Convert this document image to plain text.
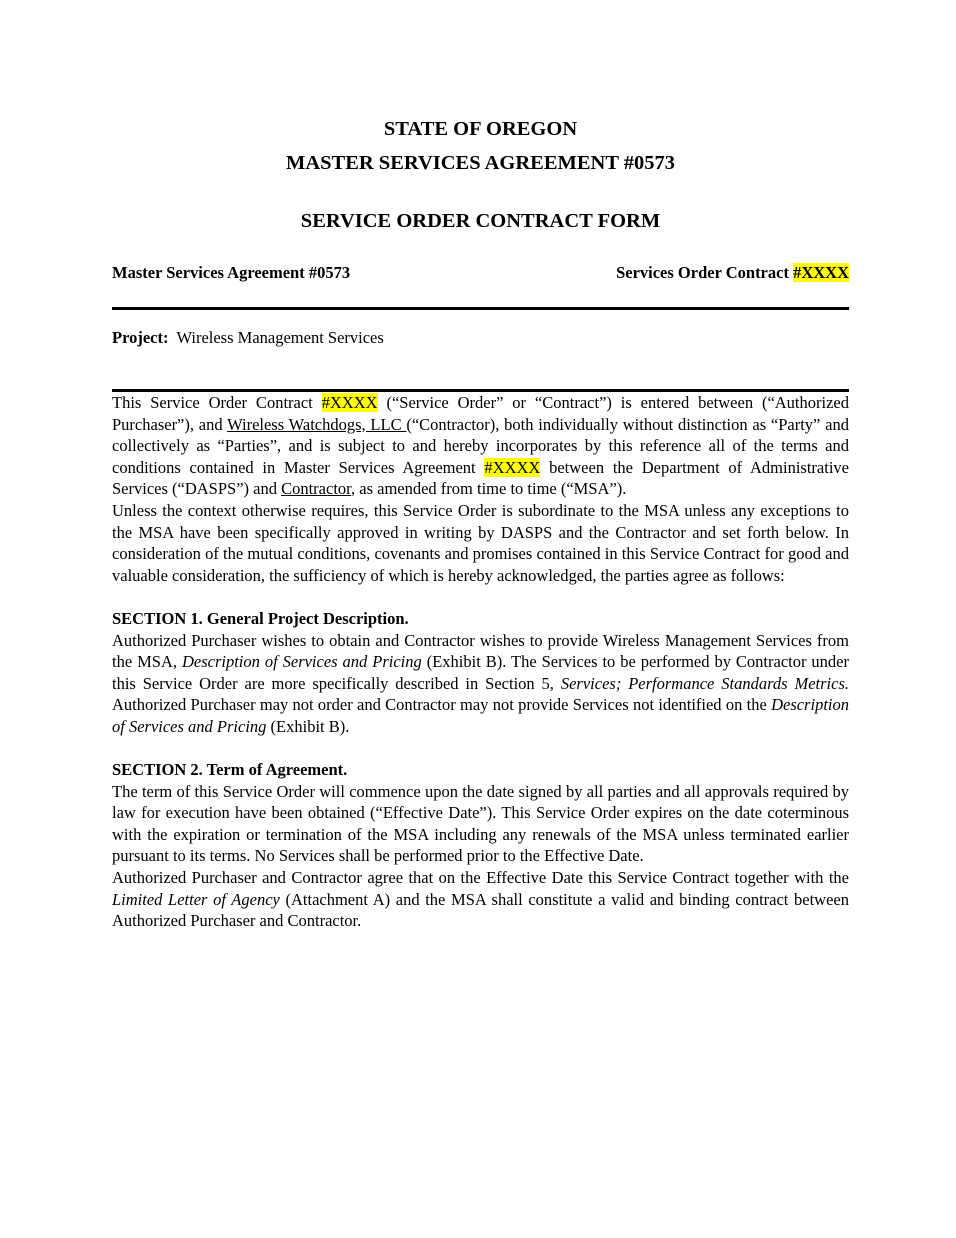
STATE OF OREGON

MASTER SERVICES AGREEMENT #0573

SERVICE ORDER CONTRACT FORM

Master Services Agreement #0573	Services Order Contract #XXXX
Project: Wireless Management Services

This Service Order Contract #XXXX (“Service Order” or “Contract”) is entered between (“Authorized Purchaser”), and Wireless Watchdogs, LLC (“Contractor), both individually without distinction as “Party” and collectively as “Parties”, and is subject to and hereby incorporates by this reference all of the terms and conditions contained in Master Services Agreement #XXXX between the Department of Administrative Services (“DASPS”) and Contractor, as amended from time to time (“MSA”).

Unless the context otherwise requires, this Service Order is subordinate to the MSA unless any exceptions to the MSA have been specifically approved in writing by DASPS and the Contractor and set forth below. In consideration of the mutual conditions, covenants and promises contained in this Service Contract for good and valuable consideration, the sufficiency of which is hereby acknowledged, the parties agree as follows:

SECTION 1. General Project Description.

Authorized Purchaser wishes to obtain and Contractor wishes to provide Wireless Management Services from the MSA, Description of Services and Pricing (Exhibit B). The Services to be performed by Contractor under this Service Order are more specifically described in Section 5, Services; Performance Standards Metrics. Authorized Purchaser may not order and Contractor may not provide Services not identified on the Description of Services and Pricing (Exhibit B).

SECTION 2. Term of Agreement.

The term of this Service Order will commence upon the date signed by all parties and all approvals required by law for execution have been obtained (“Effective Date”). This Service Order expires on the date coterminous with the expiration or termination of the MSA including any renewals of the MSA unless terminated earlier pursuant to its terms. No Services shall be performed prior to the Effective Date.

Authorized Purchaser and Contractor agree that on the Effective Date this Service Contract together with the Limited Letter of Agency (Attachment A) and the MSA shall constitute a valid and binding contract between Authorized Purchaser and Contractor.
